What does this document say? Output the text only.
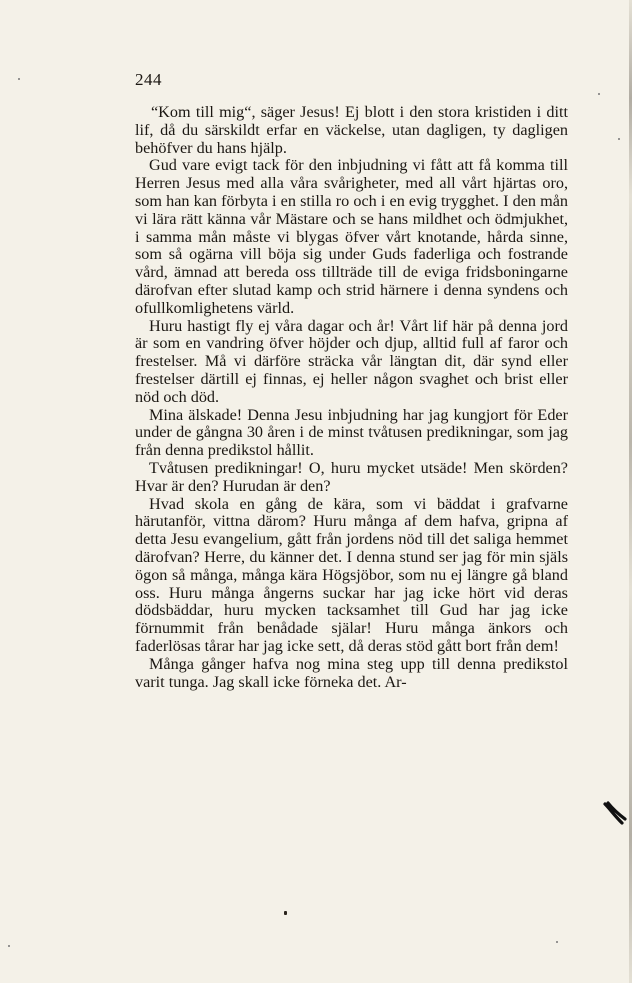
244

“Kom till mig“, säger Jesus! Ej blott i den stora kristiden i ditt lif, då du särskildt erfar en väckelse, utan dagligen, ty dagligen behöfver du hans hjälp.

Gud vare evigt tack för den inbjudning vi fått att få komma till Herren Jesus med alla våra svårigheter, med all vårt hjärtas oro, som han kan förbyta i en stilla ro och i en evig trygghet. I den mån vi lära rätt känna vår Mästare och se hans mildhet och ödmjukhet, i samma mån måste vi blygas öfver vårt knotande, hårda sinne, som så ogärna vill böja sig under Guds faderliga och fostrande vård, ämnad att bereda oss tillträde till de eviga fridsboningarne därofvan efter slutad kamp och strid härnere i denna syndens och ofullkomlighetens värld.

Huru hastigt fly ej våra dagar och år! Vårt lif här på denna jord är som en vandring öfver höjder och djup, alltid full af faror och frestelser. Må vi därföre sträcka vår längtan dit, där synd eller frestelser därtill ej finnas, ej heller någon svaghet och brist eller nöd och död.

Mina älskade! Denna Jesu inbjudning har jag kungjort för Eder under de gångna 30 åren i de minst tvåtusen predikningar, som jag från denna predikstol hållit.

Tvåtusen predikningar! O, huru mycket utsäde! Men skörden? Hvar är den? Hurudan är den?

Hvad skola en gång de kära, som vi bäddat i grafvarne härutanför, vittna därom? Huru många af dem hafva, gripna af detta Jesu evangelium, gått från jordens nöd till det saliga hemmet därofvan? Herre, du känner det. I denna stund ser jag för min själs ögon så många, många kära Högsjöbor, som nu ej längre gå bland oss. Huru många ångerns suckar har jag icke hört vid deras dödsbäddar, huru mycken tacksamhet till Gud har jag icke förnummit från benådade själar! Huru många änkors och faderlösas tårar har jag icke sett, då deras stöd gått bort från dem!

Många gånger hafva nog mina steg upp till denna predikstol varit tunga. Jag skall icke förneka det. Ar-
